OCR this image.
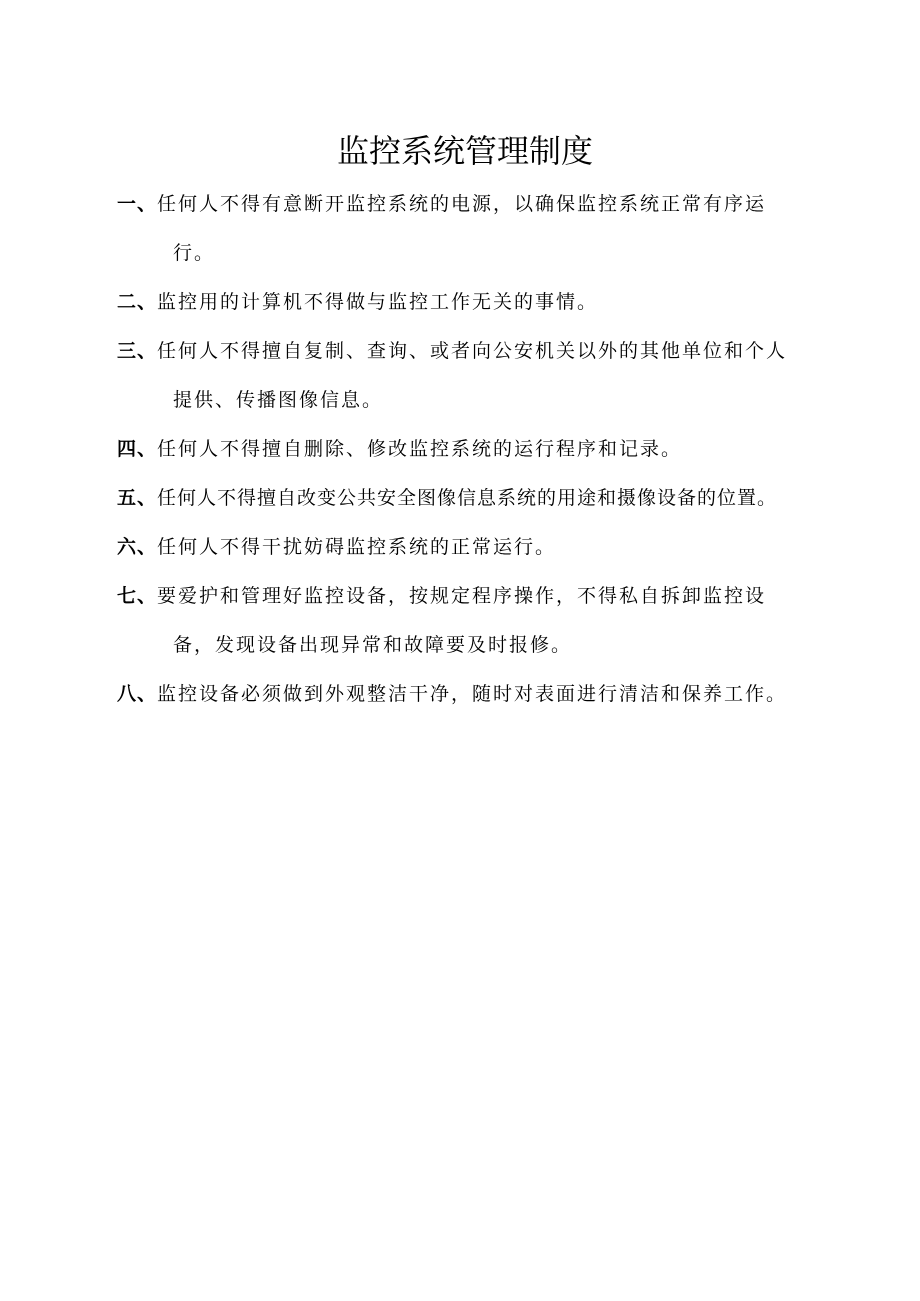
监控系统管理制度
一、任何人不得有意断开监控系统的电源，以确保监控系统正常有序运
行。
二、监控用的计算机不得做与监控工作无关的事情。
三、任何人不得擅自复制、查询、或者向公安机关以外的其他单位和个人
提供、传播图像信息。
四、任何人不得擅自删除、修改监控系统的运行程序和记录。
五、任何人不得擅自改变公共安全图像信息系统的用途和摄像设备的位置。
六、任何人不得干扰妨碍监控系统的正常运行。
七、要爱护和管理好监控设备，按规定程序操作，不得私自拆卸监控设
备，发现设备出现异常和故障要及时报修。
八、监控设备必须做到外观整洁干净，随时对表面进行清洁和保养工作。
